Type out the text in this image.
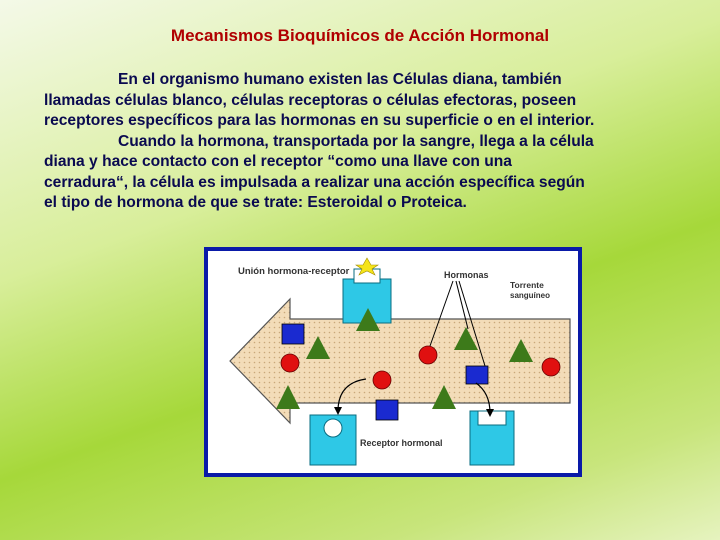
Mecanismos Bioquímicos de Acción Hormonal

En el organismo humano existen las Células diana, también
llamadas células blanco, células receptoras o células efectoras, poseen
receptores específicos para las hormonas en su superficie o en el interior.
Cuando la hormona, transportada por la sangre, llega a la célula
diana y hace contacto con el receptor “como una llave con una
cerradura“, la célula es impulsada a realizar una acción específica según
el tipo de hormona de que se trate: Esteroidal o Proteica.

Unión hormona-receptor	Hormonas
Torrente
sanguíneo
Receptor hormonal
